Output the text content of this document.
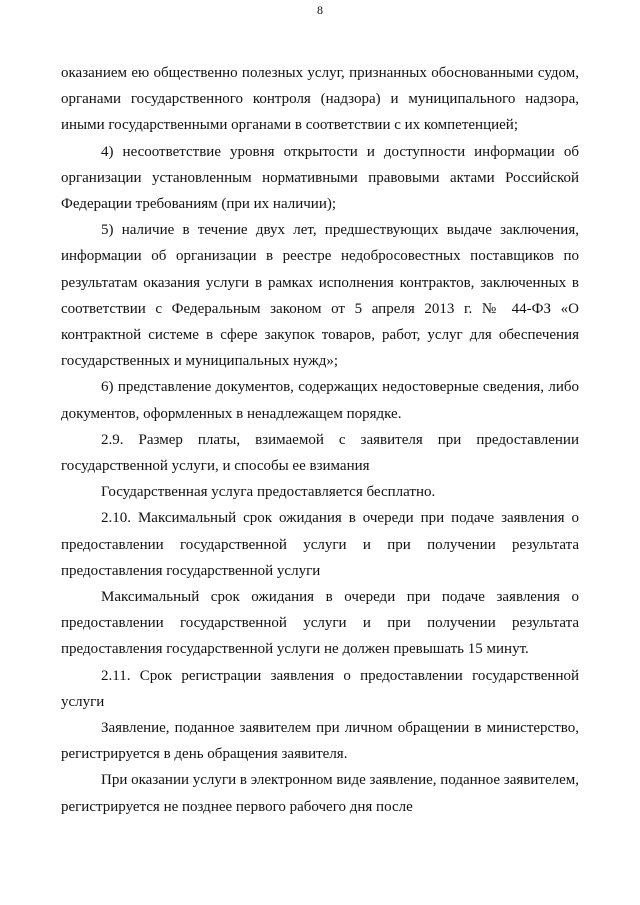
8

оказанием ею общественно полезных услуг, признанных обоснованными судом, органами государственного контроля (надзора) и муниципального надзора, иными государственными органами в соответствии с их компетенцией;

4) несоответствие уровня открытости и доступности информации об организации установленным нормативными правовыми актами Российской Федерации требованиям (при их наличии);

5) наличие в течение двух лет, предшествующих выдаче заключения, информации об организации в реестре недобросовестных поставщиков по результатам оказания услуги в рамках исполнения контрактов, заключенных в соответствии с Федеральным законом от 5 апреля 2013 г. № 44-ФЗ «О контрактной системе в сфере закупок товаров, работ, услуг для обеспечения государственных и муниципальных нужд»;

6) представление документов, содержащих недостоверные сведения, либо документов, оформленных в ненадлежащем порядке.

2.9. Размер платы, взимаемой с заявителя при предоставлении государственной услуги, и способы ее взимания

Государственная услуга предоставляется бесплатно.

2.10. Максимальный срок ожидания в очереди при подаче заявления о предоставлении государственной услуги и при получении результата предоставления государственной услуги

Максимальный срок ожидания в очереди при подаче заявления о предоставлении государственной услуги и при получении результата предоставления государственной услуги не должен превышать 15 минут.

2.11. Срок регистрации заявления о предоставлении государственной услуги

Заявление, поданное заявителем при личном обращении в министерство, регистрируется в день обращения заявителя.

При оказании услуги в электронном виде заявление, поданное заявителем, регистрируется не позднее первого рабочего дня после
